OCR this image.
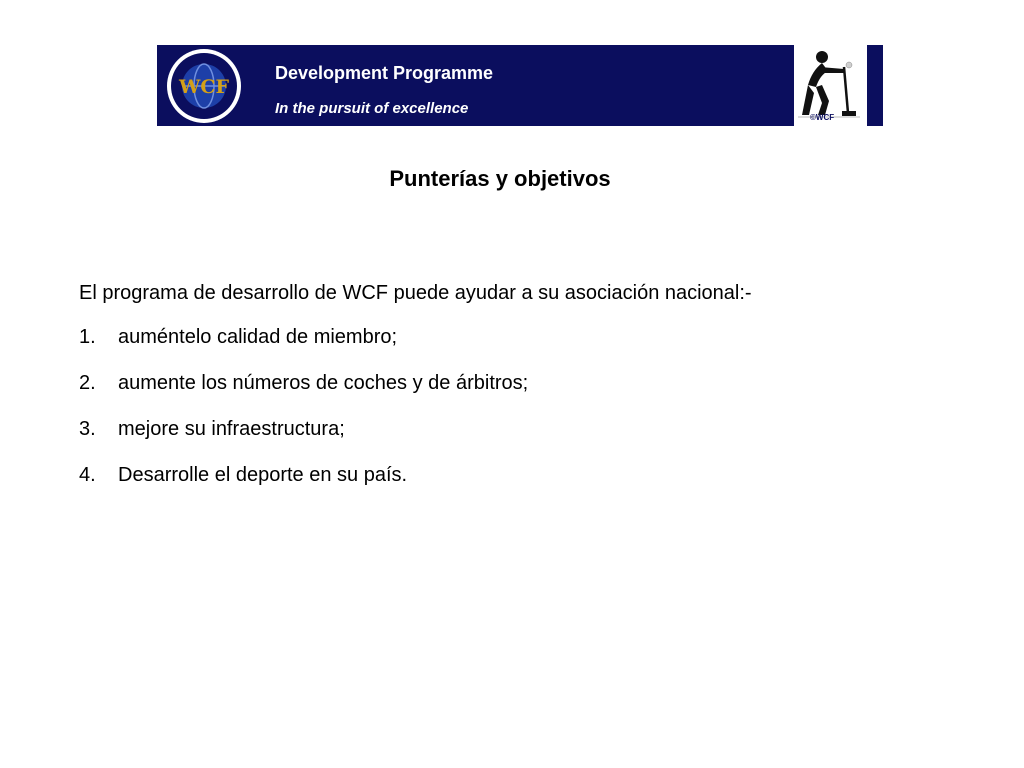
WCF
Development Programme
In the pursuit of excellence
©WCF
Punterías y objetivos
El programa de desarrollo de WCF puede ayudar a su asociación nacional:-
1.	auméntelo calidad de miembro;
2.	aumente los números de coches y de árbitros;
3.	mejore su infraestructura;
4.	Desarrolle el deporte en su país.
